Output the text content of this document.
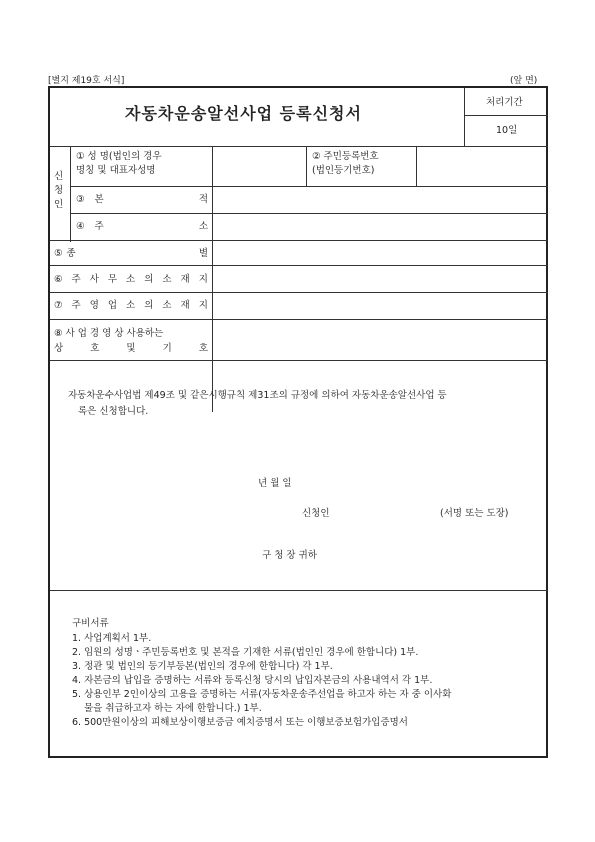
[별지 제19호 서식]	(앞 면)
자동차운송알선사업 등록신청서
처리기간
10일
신
청
인
① 성 명(법인의 경우
명칭 및 대표자성명
② 주민등록번호
(법인등기번호)
③	본	적
④	주	소
⑤ 종	별
⑥ 주 사 무 소 의 소 재 지
⑦ 주 영 업 소 의 소 재 지
⑧ 사 업 경 영 상 사용하는
상	호	및	기	호
자동차운수사업법 제49조 및 같은시행규칙 제31조의 규정에 의하여 자동차운송알선사업 등
록은 신청합니다.
년 월 일
신청인	(서명 또는 도장)
구 청 장 귀하
구비서류
1. 사업계획서 1부.
2. 임원의 성명ㆍ주민등록번호 및 본적을 기재한 서류(법인인 경우에 한합니다) 1부.
3. 정관 및 법인의 등기부등본(법인의 경우에 한합니다) 각 1부.
4. 자본금의 납입을 증명하는 서류와 등록신청 당시의 납입자본금의 사용내역서 각 1부.
5. 상용인부 2인이상의 고용을 증명하는 서류(자동차운송주선업을 하고자 하는 자 중 이사화
물을 취급하고자 하는 자에 한합니다.) 1부.
6. 500만원이상의 피해보상이행보증금 예치증명서 또는 이행보증보험가입증명서
